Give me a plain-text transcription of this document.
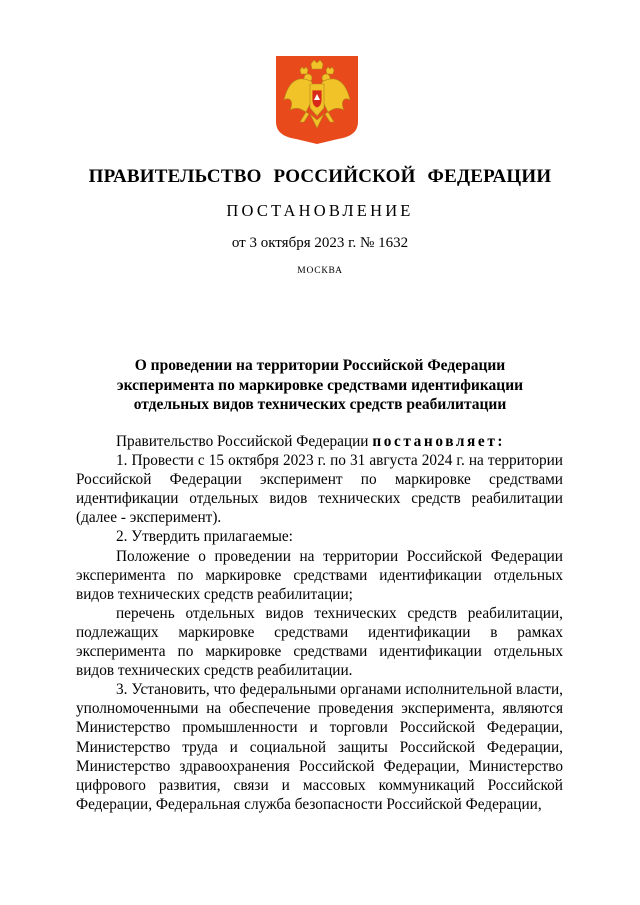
ПРАВИТЕЛЬСТВО РОССИЙСКОЙ ФЕДЕРАЦИИ
ПОСТАНОВЛЕНИЕ
от 3 октября 2023 г. № 1632
МОСКВА
О проведении на территории Российской Федерации
эксперимента по маркировке средствами идентификации
отдельных видов технических средств реабилитации

Правительство Российской Федерации постановляет:

1. Провести с 15 октября 2023 г. по 31 августа 2024 г. на территории Российской Федерации эксперимент по маркировке средствами идентификации отдельных видов технических средств реабилитации (далее - эксперимент).

2. Утвердить прилагаемые:

Положение о проведении на территории Российской Федерации эксперимента по маркировке средствами идентификации отдельных видов технических средств реабилитации;

перечень отдельных видов технических средств реабилитации, подлежащих маркировке средствами идентификации в рамках эксперимента по маркировке средствами идентификации отдельных видов технических средств реабилитации.

3. Установить, что федеральными органами исполнительной власти, уполномоченными на обеспечение проведения эксперимента, являются Министерство промышленности и торговли Российской Федерации, Министерство труда и социальной защиты Российской Федерации, Министерство здравоохранения Российской Федерации, Министерство цифрового развития, связи и массовых коммуникаций Российской Федерации, Федеральная служба безопасности Российской Федерации,
